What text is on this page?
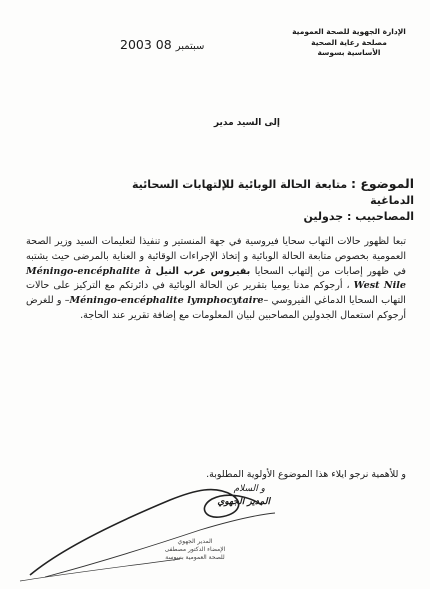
الإدارة الجهوية للصحة العمومية
مصلحة رعاية الصحية
الأساسية بسوسة
2003 سبتمبر 08
إلى السيد مدير
الموضوع : متابعة الحالة الوبائية للإلتهابات السحائية الدماغية
المصاحبيب : جدولين
تبعا لظهور حالات التهاب سحايا فيروسية في جهة المنستير و تنفيذا لتعليمات السيد وزير الصحة العمومية بخصوص متابعة الحالة الوبائية و إتخاذ الإجراءات الوقائية و العناية بالمرضى حيث يشتبه في ظهور إصابات من إلتهاب السحايا بفيروس غرب النيل Méningo-encéphalite à West Nile ، أرجوكم مدنا يوميا بتقرير عن الحالة الوبائية في دائرتكم مع التركيز على حالات التهاب السحايا الدماغي الفيروسي –Méningo-encéphalite lymphocytaire– و للغرض أرجوكم استعمال الجدولين المصاحبين لبيان المعلومات مع إضافة تقرير عند الحاجة.
و للأهمية نرجو ايلاء هذا الموضوع الأولوية المطلوبة.
و السلام
المدير الجهوي
المدير الجهوي
الإمضاء الدكتور مصطفى
للصحة العمومية بسوسة
